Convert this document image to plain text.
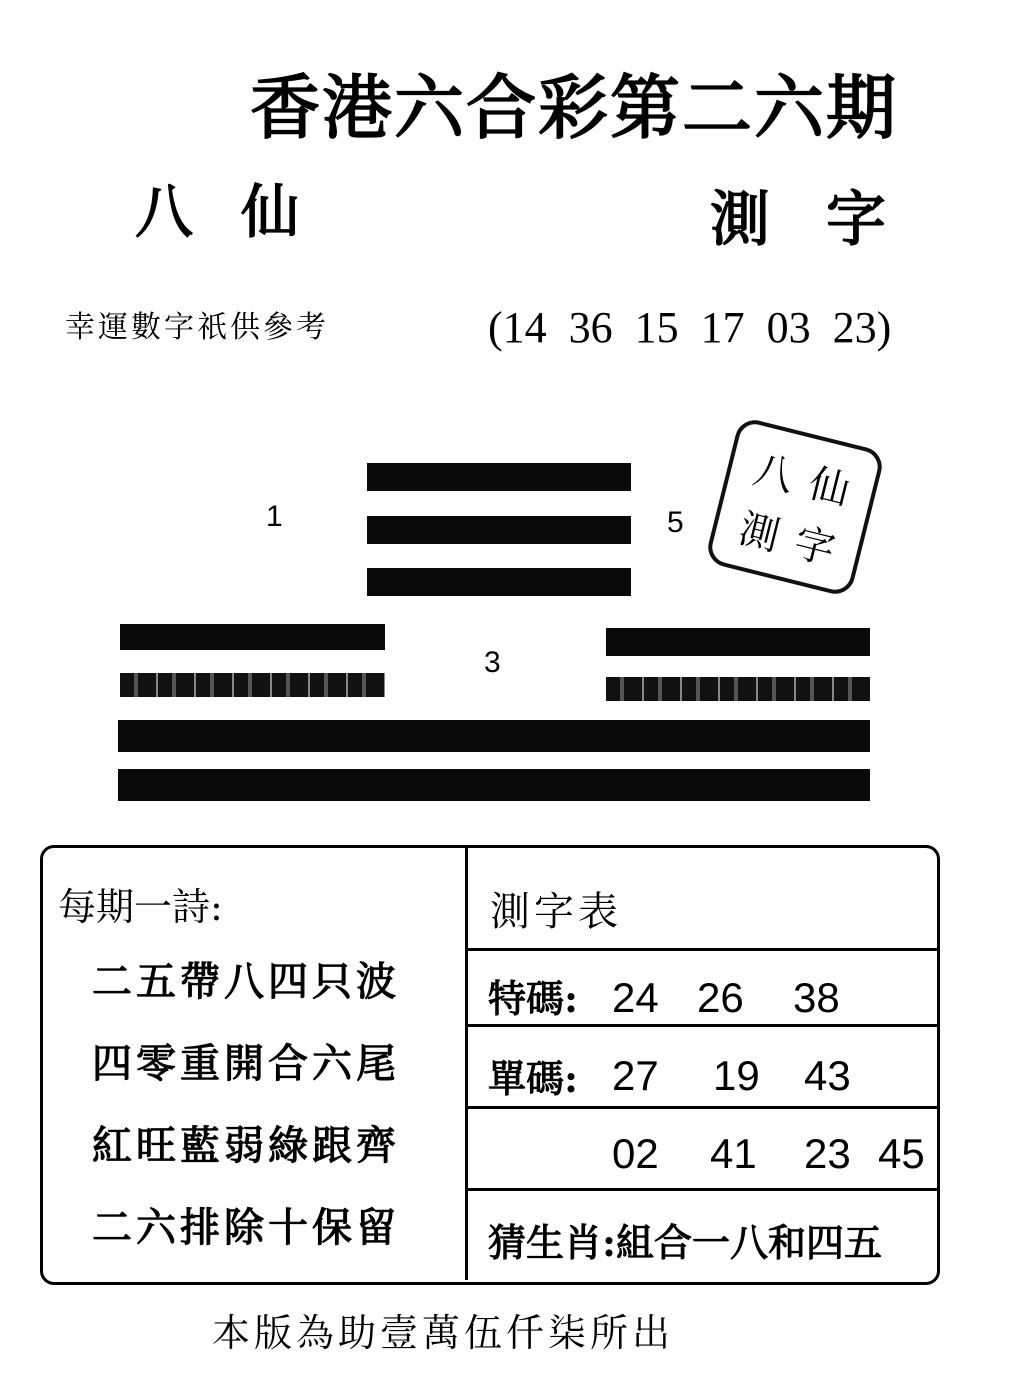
香港六合彩第二六期
八仙	測字
幸運數字祇供參考	(14 36 15 17 03 23)
1	5
3
八 仙
測 字
每期一詩:
二五帶八四只波
四零重開合六尾
紅旺藍弱綠跟齊
二六排除十保留
測字表
特碼: 24 26 38
單碼: 27 19 43
02 41 23 45
猜生肖:組合一八和四五
本版為助壹萬伍仟柒所出
